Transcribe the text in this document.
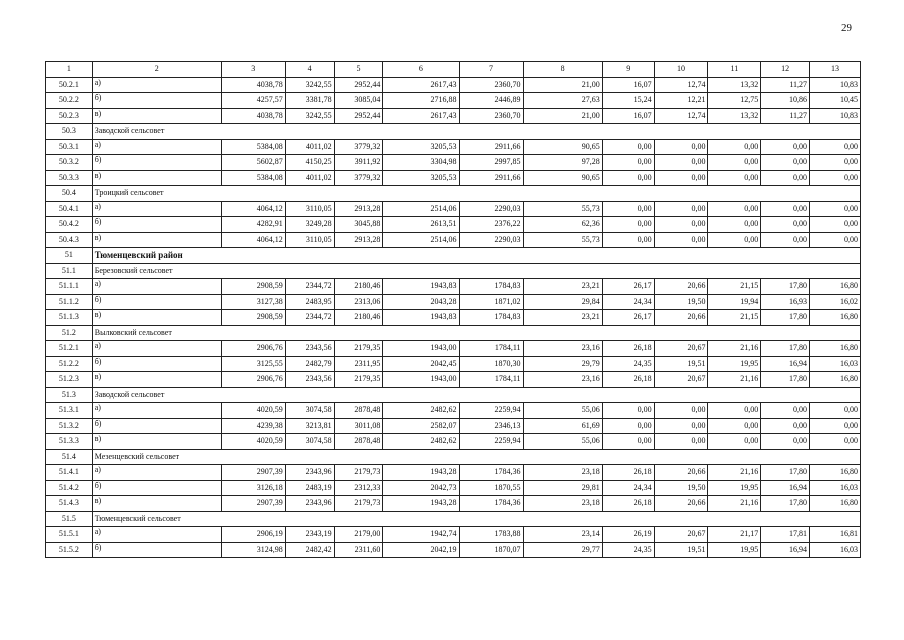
29
1	2	3	4	5	6	7	8	9	10	11	12	13
50.2.1	а)	4038,78	3242,55	2952,44	2617,43	2360,70	21,00	16,07	12,74	13,32	11,27	10,83
50.2.2	б)	4257,57	3381,78	3085,04	2716,88	2446,89	27,63	15,24	12,21	12,75	10,86	10,45
50.2.3	в)	4038,78	3242,55	2952,44	2617,43	2360,70	21,00	16,07	12,74	13,32	11,27	10,83
50.3	Заводской сельсовет											
50.3.1	а)	5384,08	4011,02	3779,32	3205,53	2911,66	90,65	0,00	0,00	0,00	0,00	0,00
50.3.2	б)	5602,87	4150,25	3911,92	3304,98	2997,85	97,28	0,00	0,00	0,00	0,00	0,00
50.3.3	в)	5384,08	4011,02	3779,32	3205,53	2911,66	90,65	0,00	0,00	0,00	0,00	0,00
50.4	Троицкий сельсовет											
50.4.1	а)	4064,12	3110,05	2913,28	2514,06	2290,03	55,73	0,00	0,00	0,00	0,00	0,00
50.4.2	б)	4282,91	3249,28	3045,88	2613,51	2376,22	62,36	0,00	0,00	0,00	0,00	0,00
50.4.3	в)	4064,12	3110,05	2913,28	2514,06	2290,03	55,73	0,00	0,00	0,00	0,00	0,00
51	Тюменцевский район											
51.1	Березовский сельсовет											
51.1.1	а)	2908,59	2344,72	2180,46	1943,83	1784,83	23,21	26,17	20,66	21,15	17,80	16,80
51.1.2	б)	3127,38	2483,95	2313,06	2043,28	1871,02	29,84	24,34	19,50	19,94	16,93	16,02
51.1.3	в)	2908,59	2344,72	2180,46	1943,83	1784,83	23,21	26,17	20,66	21,15	17,80	16,80
51.2	Вылковский сельсовет											
51.2.1	а)	2906,76	2343,56	2179,35	1943,00	1784,11	23,16	26,18	20,67	21,16	17,80	16,80
51.2.2	б)	3125,55	2482,79	2311,95	2042,45	1870,30	29,79	24,35	19,51	19,95	16,94	16,03
51.2.3	в)	2906,76	2343,56	2179,35	1943,00	1784,11	23,16	26,18	20,67	21,16	17,80	16,80
51.3	Заводской сельсовет											
51.3.1	а)	4020,59	3074,58	2878,48	2482,62	2259,94	55,06	0,00	0,00	0,00	0,00	0,00
51.3.2	б)	4239,38	3213,81	3011,08	2582,07	2346,13	61,69	0,00	0,00	0,00	0,00	0,00
51.3.3	в)	4020,59	3074,58	2878,48	2482,62	2259,94	55,06	0,00	0,00	0,00	0,00	0,00
51.4	Мезенцевский сельсовет											
51.4.1	а)	2907,39	2343,96	2179,73	1943,28	1784,36	23,18	26,18	20,66	21,16	17,80	16,80
51.4.2	б)	3126,18	2483,19	2312,33	2042,73	1870,55	29,81	24,34	19,50	19,95	16,94	16,03
51.4.3	в)	2907,39	2343,96	2179,73	1943,28	1784,36	23,18	26,18	20,66	21,16	17,80	16,80
51.5	Тюменцевский сельсовет											
51.5.1	а)	2906,19	2343,19	2179,00	1942,74	1783,88	23,14	26,19	20,67	21,17	17,81	16,81
51.5.2	б)	3124,98	2482,42	2311,60	2042,19	1870,07	29,77	24,35	19,51	19,95	16,94	16,03
